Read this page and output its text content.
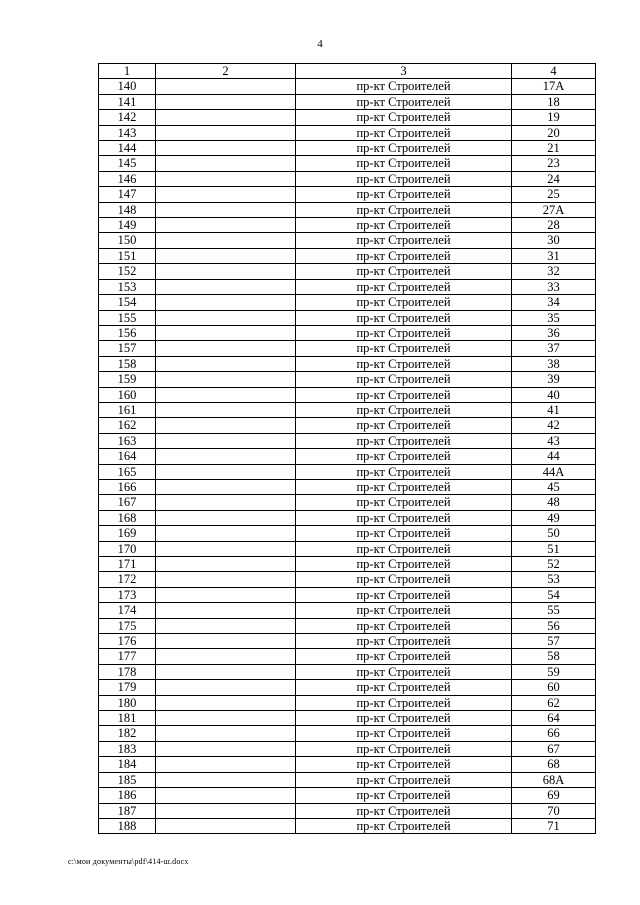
4
1	2	3	4
140		пр-кт Строителей	17А
141		пр-кт Строителей	18
142		пр-кт Строителей	19
143		пр-кт Строителей	20
144		пр-кт Строителей	21
145		пр-кт Строителей	23
146		пр-кт Строителей	24
147		пр-кт Строителей	25
148		пр-кт Строителей	27А
149		пр-кт Строителей	28
150		пр-кт Строителей	30
151		пр-кт Строителей	31
152		пр-кт Строителей	32
153		пр-кт Строителей	33
154		пр-кт Строителей	34
155		пр-кт Строителей	35
156		пр-кт Строителей	36
157		пр-кт Строителей	37
158		пр-кт Строителей	38
159		пр-кт Строителей	39
160		пр-кт Строителей	40
161		пр-кт Строителей	41
162		пр-кт Строителей	42
163		пр-кт Строителей	43
164		пр-кт Строителей	44
165		пр-кт Строителей	44А
166		пр-кт Строителей	45
167		пр-кт Строителей	48
168		пр-кт Строителей	49
169		пр-кт Строителей	50
170		пр-кт Строителей	51
171		пр-кт Строителей	52
172		пр-кт Строителей	53
173		пр-кт Строителей	54
174		пр-кт Строителей	55
175		пр-кт Строителей	56
176		пр-кт Строителей	57
177		пр-кт Строителей	58
178		пр-кт Строителей	59
179		пр-кт Строителей	60
180		пр-кт Строителей	62
181		пр-кт Строителей	64
182		пр-кт Строителей	66
183		пр-кт Строителей	67
184		пр-кт Строителей	68
185		пр-кт Строителей	68А
186		пр-кт Строителей	69
187		пр-кт Строителей	70
188		пр-кт Строителей	71
c:\мои документы\pdf\414-ш.docx
